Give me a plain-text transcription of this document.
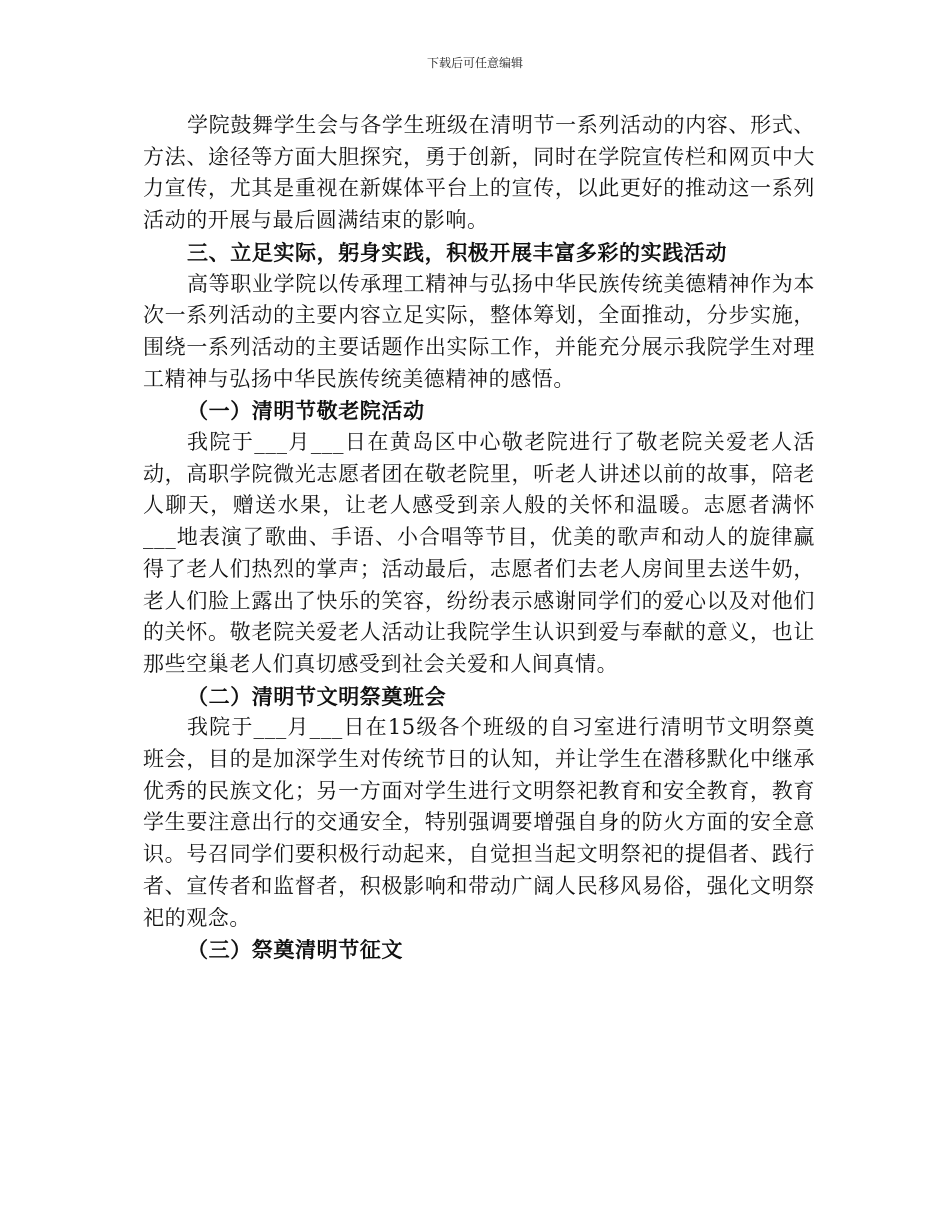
下载后可任意编辑

学院鼓舞学生会与各学生班级在清明节一系列活动的内容、形式、方法、途径等方面大胆探究，勇于创新，同时在学院宣传栏和网页中大力宣传，尤其是重视在新媒体平台上的宣传，以此更好的推动这一系列活动的开展与最后圆满结束的影响。

三、立足实际，躬身实践，积极开展丰富多彩的实践活动

高等职业学院以传承理工精神与弘扬中华民族传统美德精神作为本次一系列活动的主要内容立足实际，整体筹划，全面推动，分步实施，围绕一系列活动的主要话题作出实际工作，并能充分展示我院学生对理工精神与弘扬中华民族传统美德精神的感悟。

（一）清明节敬老院活动

我院于___月___日在黄岛区中心敬老院进行了敬老院关爱老人活动，高职学院微光志愿者团在敬老院里，听老人讲述以前的故事，陪老人聊天，赠送水果，让老人感受到亲人般的关怀和温暖。志愿者满怀___地表演了歌曲、手语、小合唱等节目，优美的歌声和动人的旋律赢得了老人们热烈的掌声；活动最后，志愿者们去老人房间里去送牛奶，老人们脸上露出了快乐的笑容，纷纷表示感谢同学们的爱心以及对他们的关怀。敬老院关爱老人活动让我院学生认识到爱与奉献的意义，也让那些空巢老人们真切感受到社会关爱和人间真情。

（二）清明节文明祭奠班会

我院于___月___日在15级各个班级的自习室进行清明节文明祭奠班会，目的是加深学生对传统节日的认知，并让学生在潜移默化中继承优秀的民族文化；另一方面对学生进行文明祭祀教育和安全教育，教育学生要注意出行的交通安全，特别强调要增强自身的防火方面的安全意识。号召同学们要积极行动起来，自觉担当起文明祭祀的提倡者、践行者、宣传者和监督者，积极影响和带动广阔人民移风易俗，强化文明祭祀的观念。

（三）祭奠清明节征文
